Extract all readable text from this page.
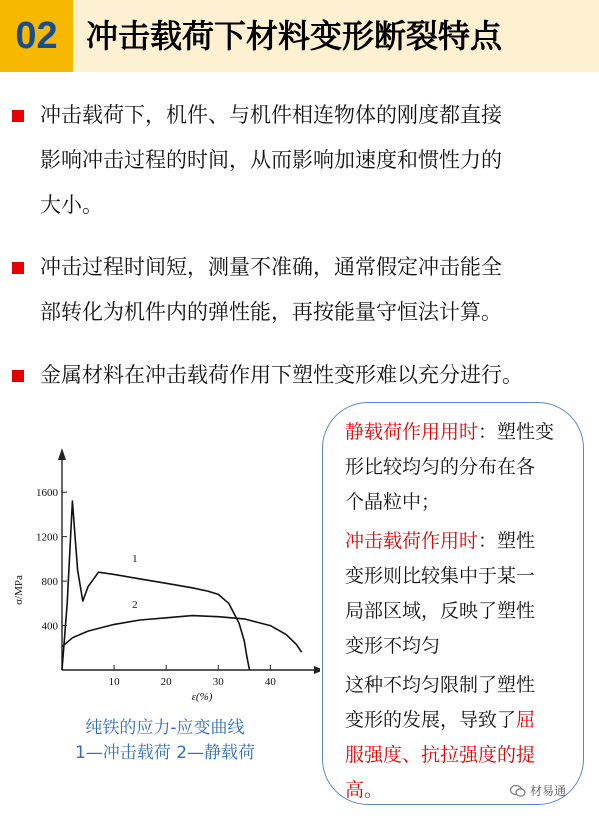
02 冲击载荷下材料变形断裂特点
冲击载荷下，机件、与机件相连物体的刚度都直接
影响冲击过程的时间，从而影响加速度和惯性力的
大小。
冲击过程时间短，测量不准确，通常假定冲击能全
部转化为机件内的弹性能，再按能量守恒法计算。
金属材料在冲击载荷作用下塑性变形难以充分进行。
10	20	30	40
400
800
1200
1600
ε(%)
σ/MPa
1
2
纯铁的应力-应变曲线
1—冲击载荷 2—静载荷

静载荷作用用时：塑性变

形比较均匀的分布在各

个晶粒中；

冲击载荷作用时：塑性

变形则比较集中于某一

局部区域，反映了塑性

变形不均匀

这种不均匀限制了塑性

变形的发展，导致了屈

服强度、抗拉强度的提

高。	材易通
